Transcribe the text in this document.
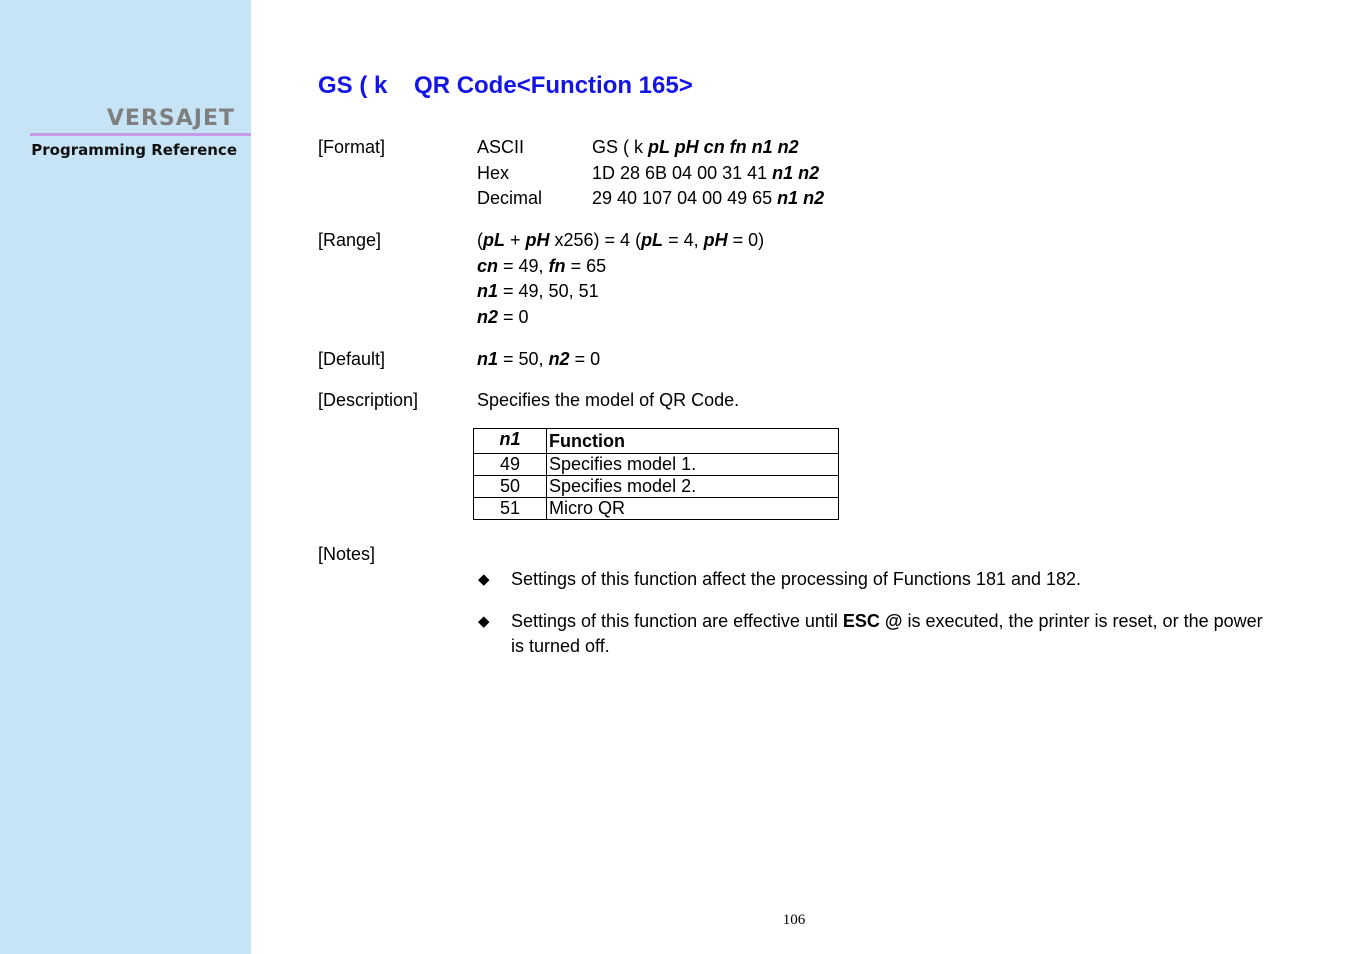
VERSAJET
Programming Reference
GS ( k    QR Code<Function 165>
[Format]	ASCII	GS ( k pL pH cn fn n1 n2
Hex	1D 28 6B 04 00 31 41 n1 n2
Decimal	29 40 107 04 00 49 65 n1 n2
[Range]	(pL + pH x256) = 4 (pL = 4, pH = 0)
cn = 49, fn = 65
n1 = 49, 50, 51
n2 = 0
[Default]	n1 = 50, n2 = 0
[Description]	Specifies the model of QR Code.
n1	Function
49	Specifies model 1.
50	Specifies model 2.
51	Micro QR
[Notes]
◆ Settings of this function affect the processing of Functions 181 and 182.
◆ Settings of this function are effective until ESC @ is executed, the printer is reset, or the power is turned off.
106
